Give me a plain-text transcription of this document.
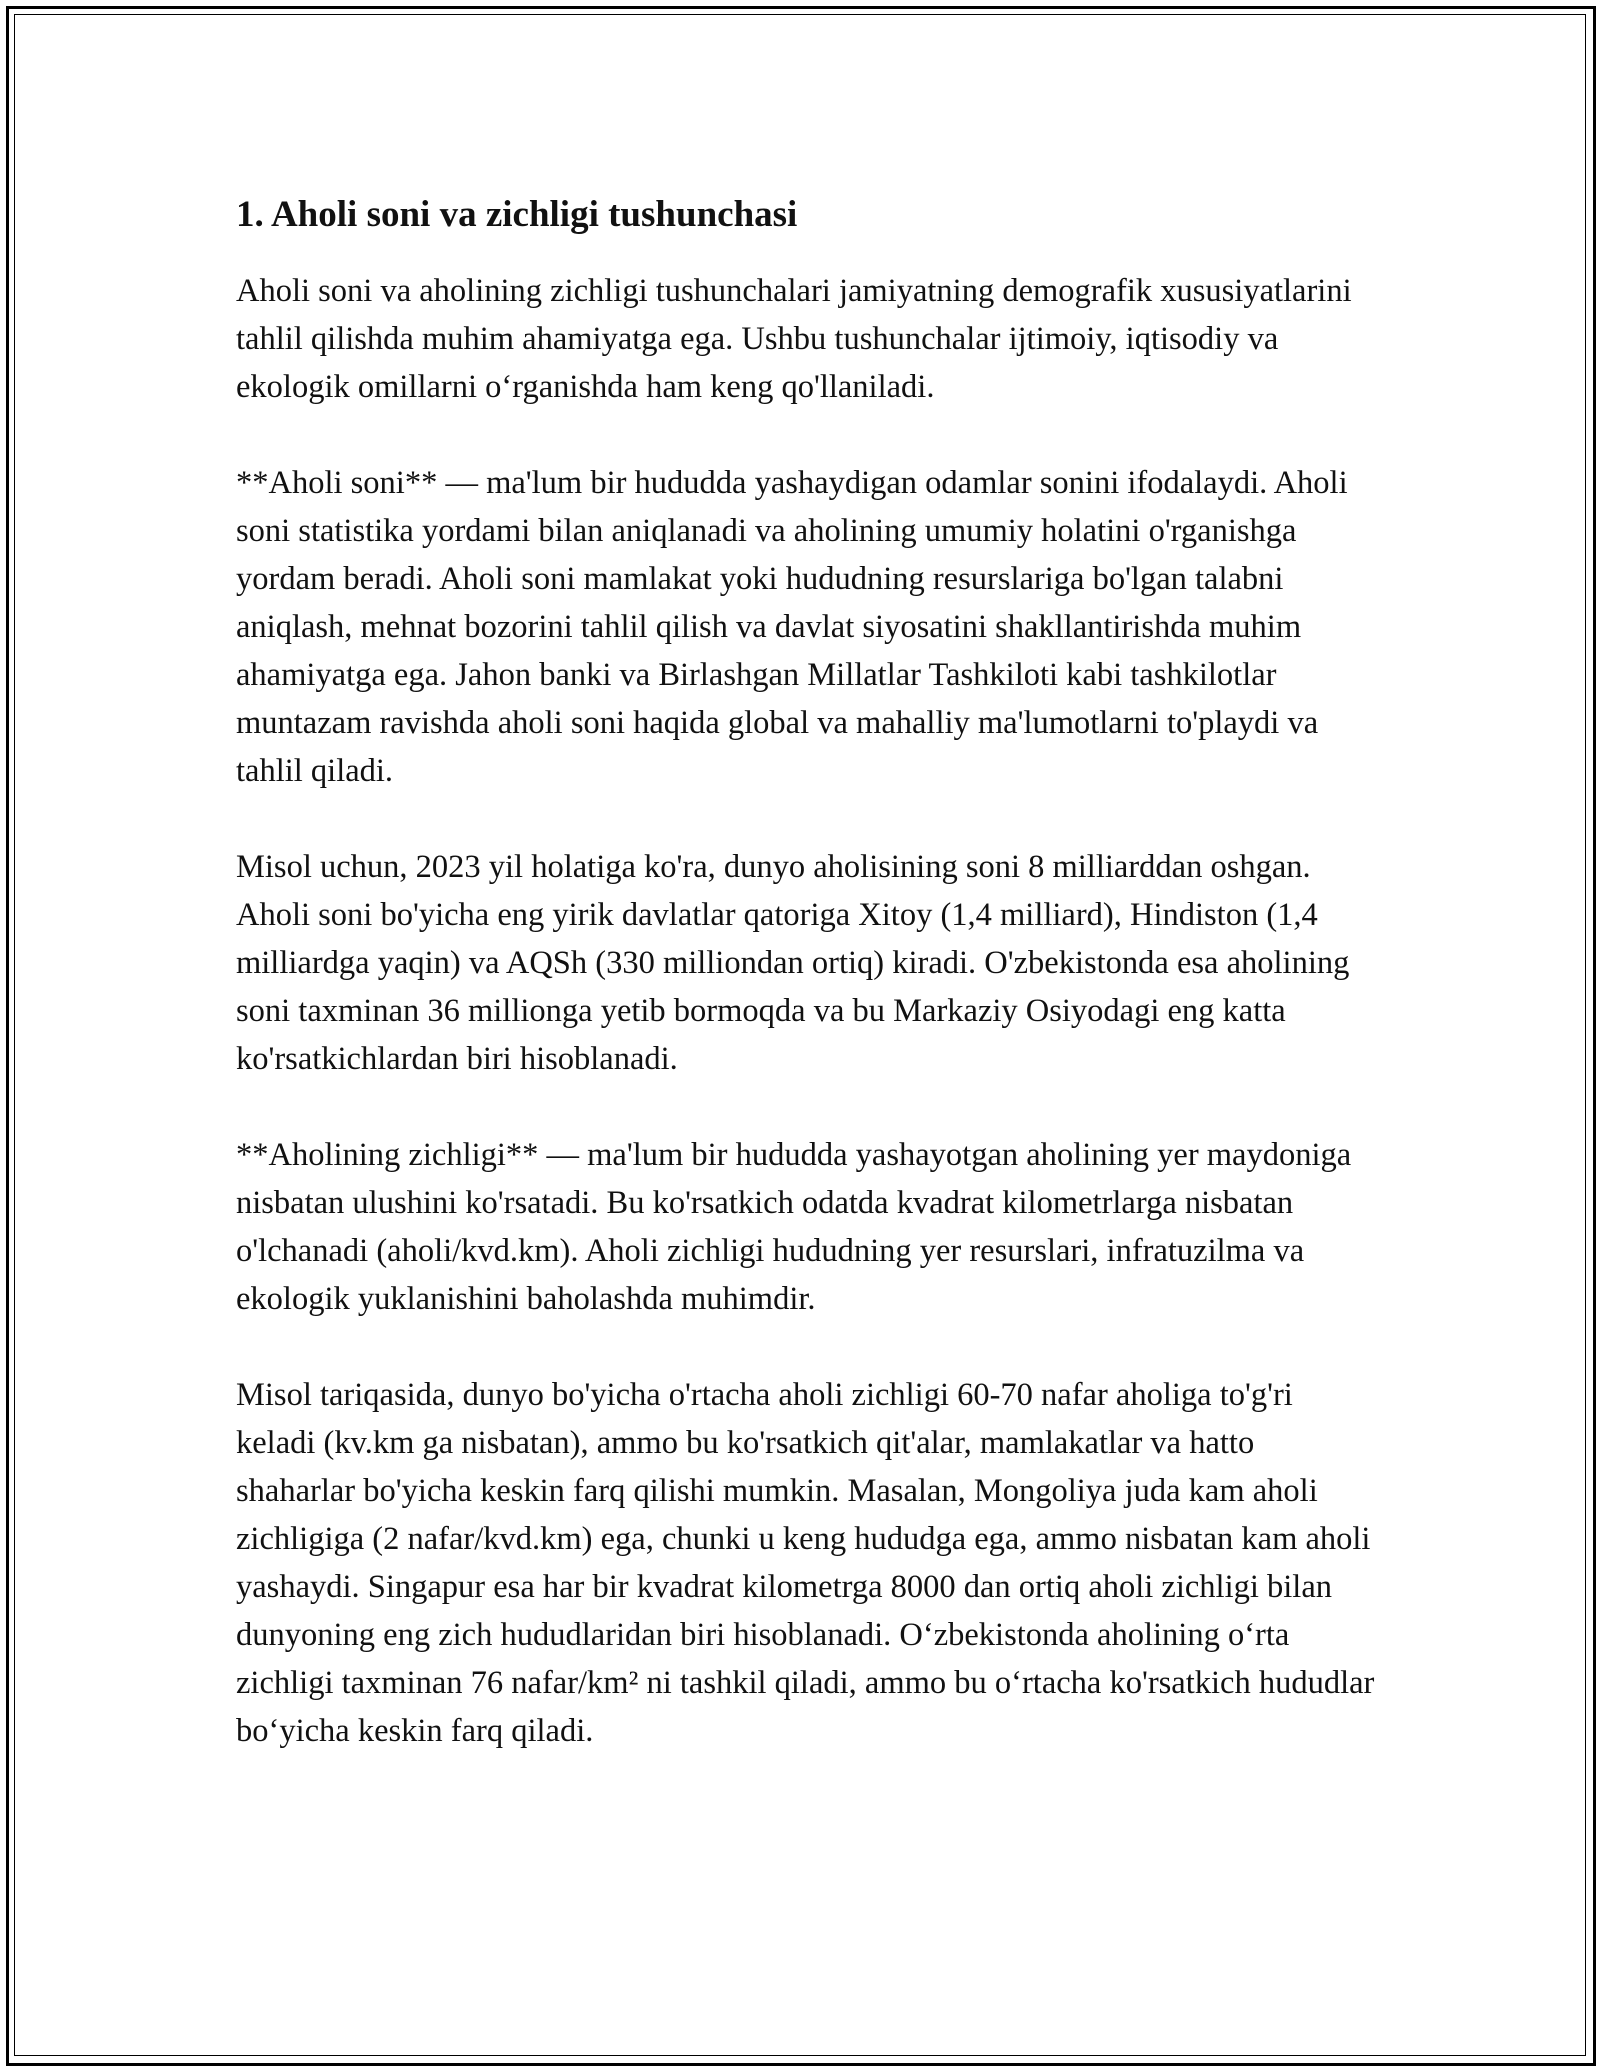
1. Aholi soni va zichligi tushunchasi

Aholi soni va aholining zichligi tushunchalari jamiyatning demografik xususiyatlarini tahlil qilishda muhim ahamiyatga ega. Ushbu tushunchalar ijtimoiy, iqtisodiy va ekologik omillarni o‘rganishda ham keng qo'llaniladi.

**Aholi soni** — ma'lum bir hududda yashaydigan odamlar sonini ifodalaydi. Aholi soni statistika yordami bilan aniqlanadi va aholining umumiy holatini o'rganishga yordam beradi. Aholi soni mamlakat yoki hududning resurslariga bo'lgan talabni aniqlash, mehnat bozorini tahlil qilish va davlat siyosatini shakllantirishda muhim ahamiyatga ega. Jahon banki va Birlashgan Millatlar Tashkiloti kabi tashkilotlar muntazam ravishda aholi soni haqida global va mahalliy ma'lumotlarni to'playdi va tahlil qiladi.

Misol uchun, 2023 yil holatiga ko'ra, dunyo aholisining soni 8 milliarddan oshgan. Aholi soni bo'yicha eng yirik davlatlar qatoriga Xitoy (1,4 milliard), Hindiston (1,4 milliardga yaqin) va AQSh (330 milliondan ortiq) kiradi. O'zbekistonda esa aholining soni taxminan 36 millionga yetib bormoqda va bu Markaziy Osiyodagi eng katta ko'rsatkichlardan biri hisoblanadi.

**Aholining zichligi** — ma'lum bir hududda yashayotgan aholining yer maydoniga nisbatan ulushini ko'rsatadi. Bu ko'rsatkich odatda kvadrat kilometrlarga nisbatan o'lchanadi (aholi/kvd.km). Aholi zichligi hududning yer resurslari, infratuzilma va ekologik yuklanishini baholashda muhimdir.

Misol tariqasida, dunyo bo'yicha o'rtacha aholi zichligi 60-70 nafar aholiga to'g'ri keladi (kv.km ga nisbatan), ammo bu ko'rsatkich qit'alar, mamlakatlar va hatto shaharlar bo'yicha keskin farq qilishi mumkin. Masalan, Mongoliya juda kam aholi zichligiga (2 nafar/kvd.km) ega, chunki u keng hududga ega, ammo nisbatan kam aholi yashaydi. Singapur esa har bir kvadrat kilometrga 8000 dan ortiq aholi zichligi bilan dunyoning eng zich hududlaridan biri hisoblanadi. O‘zbekistonda aholining o‘rta zichligi taxminan 76 nafar/km² ni tashkil qiladi, ammo bu o‘rtacha ko'rsatkich hududlar bo‘yicha keskin farq qiladi.
